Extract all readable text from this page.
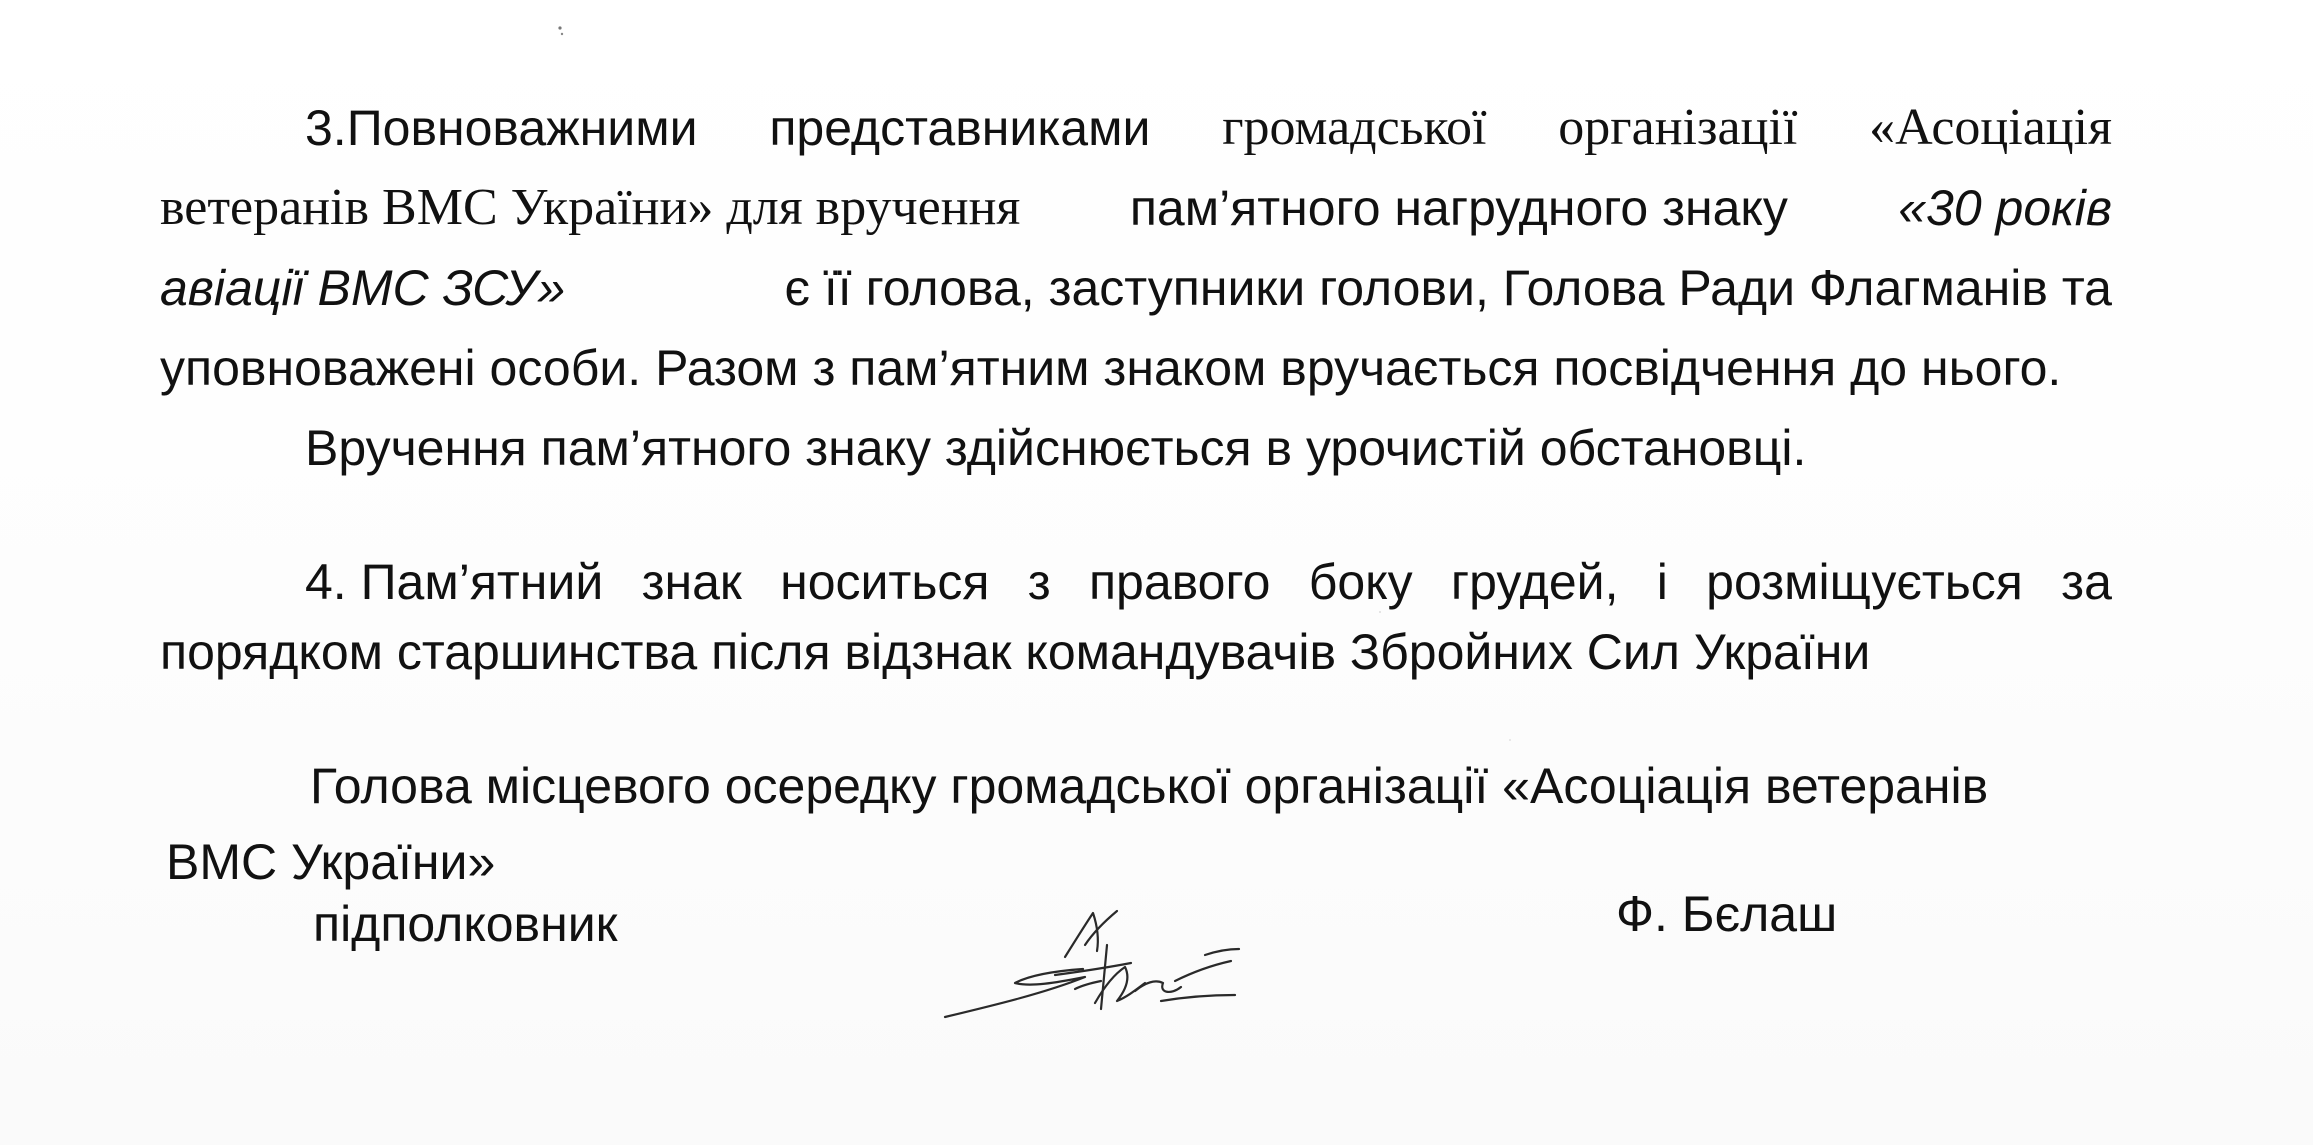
3.Повноважними представниками громадської організації «Асоціація
ветеранів ВМС України» для вручення пам’ятного нагрудного знаку «30 років
авіації ВМС ЗСУ»	є її голова, заступники голови, Голова Ради Флагманів та
уповноважені особи. Разом з пам’ятним знаком вручається посвідчення до нього.
Вручення пам’ятного знаку здійснюється в урочистій обстановці.
4. Пам’ятний знак носиться з правого боку грудей, і розміщується за
порядком старшинства після відзнак командувачів Збройних Сил України
Голова місцевого осередку громадської організації «Асоціація ветеранів
ВМС України»
підполковник	Ф. Бєлаш
